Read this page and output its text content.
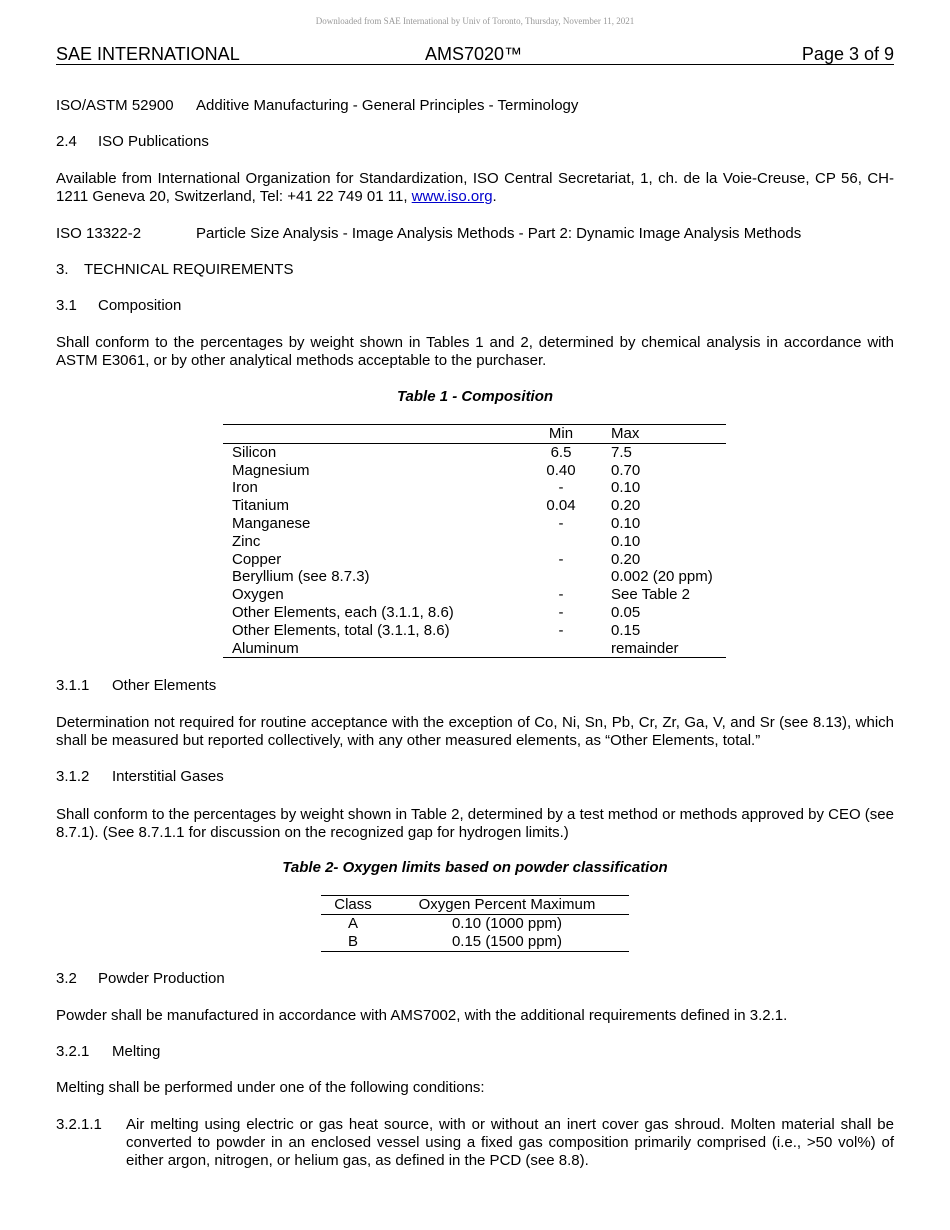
Downloaded from SAE International by Univ of Toronto, Thursday, November 11, 2021
SAE INTERNATIONAL	AMS7020™	Page 3 of 9
ISO/ASTM 52900 Additive Manufacturing - General Principles - Terminology
2.4 ISO Publications
Available from International Organization for Standardization, ISO Central Secretariat, 1, ch. de la Voie-Creuse, CP 56, CH-1211 Geneva 20, Switzerland, Tel: +41 22 749 01 11, www.iso.org.
ISO 13322-2	Particle Size Analysis - Image Analysis Methods - Part 2: Dynamic Image Analysis Methods
3. TECHNICAL REQUIREMENTS
3.1 Composition
Shall conform to the percentages by weight shown in Tables 1 and 2, determined by chemical analysis in accordance with ASTM E3061, or by other analytical methods acceptable to the purchaser.
Table 1 - Composition
	Min	Max
Silicon	6.5	7.5
Magnesium	0.40	0.70
Iron	-	0.10
Titanium	0.04	0.20
Manganese	-	0.10
Zinc		0.10
Copper	-	0.20
Beryllium (see 8.7.3)		0.002 (20 ppm)
Oxygen	-	See Table 2
Other Elements, each (3.1.1, 8.6)	-	0.05
Other Elements, total (3.1.1, 8.6)	-	0.15
Aluminum		remainder
3.1.1 Other Elements
Determination not required for routine acceptance with the exception of Co, Ni, Sn, Pb, Cr, Zr, Ga, V, and Sr (see 8.13), which shall be measured but reported collectively, with any other measured elements, as “Other Elements, total.”
3.1.2 Interstitial Gases
Shall conform to the percentages by weight shown in Table 2, determined by a test method or methods approved by CEO (see 8.7.1). (See 8.7.1.1 for discussion on the recognized gap for hydrogen limits.)
Table 2- Oxygen limits based on powder classification
Class	Oxygen Percent Maximum
A	0.10 (1000 ppm)
B	0.15 (1500 ppm)
3.2 Powder Production
Powder shall be manufactured in accordance with AMS7002, with the additional requirements defined in 3.2.1.
3.2.1 Melting
Melting shall be performed under one of the following conditions:
3.2.1.1 Air melting using electric or gas heat source, with or without an inert cover gas shroud. Molten material shall be converted to powder in an enclosed vessel using a fixed gas composition primarily comprised (i.e., >50 vol%) of either argon, nitrogen, or helium gas, as defined in the PCD (see 8.8).
